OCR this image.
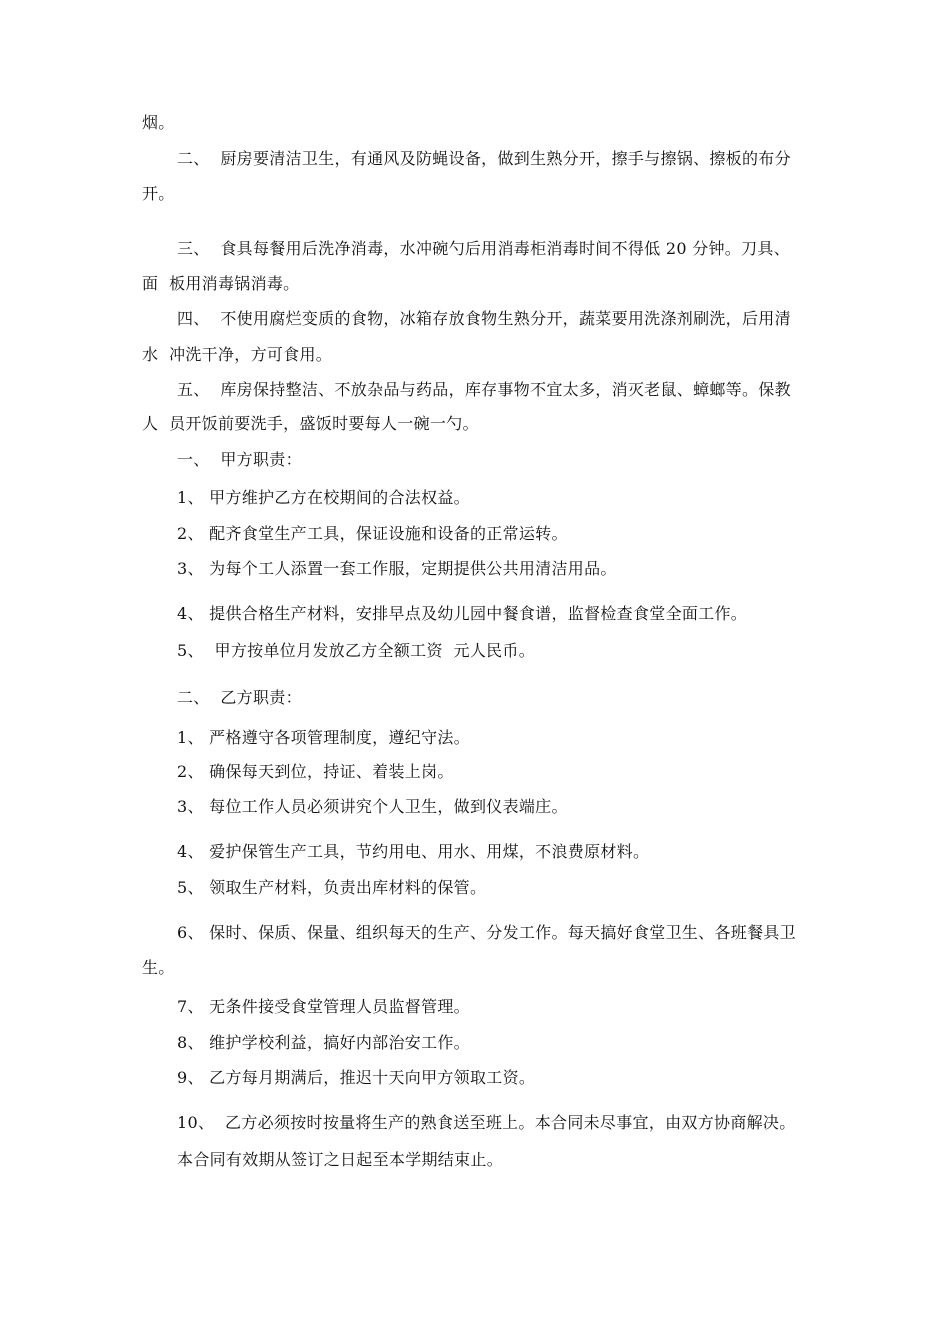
烟。
二、  厨房要清洁卫生，有通风及防蝇设备，做到生熟分开，擦手与擦锅、擦板的布分
开。
三、  食具每餐用后洗净消毒，水冲碗勺后用消毒柜消毒时间不得低 20 分钟。刀具、
面  板用消毒锅消毒。
四、  不使用腐烂变质的食物，冰箱存放食物生熟分开，蔬菜要用洗涤剂刷洗，后用清
水  冲洗干净，方可食用。
五、  库房保持整洁、不放杂品与药品，库存事物不宜太多，消灭老鼠、蟑螂等。保教
人  员开饭前要洗手，盛饭时要每人一碗一勺。
一、  甲方职责：
1、 甲方维护乙方在校期间的合法权益。
2、 配齐食堂生产工具，保证设施和设备的正常运转。
3、 为每个工人添置一套工作服，定期提供公共用清洁用品。
4、 提供合格生产材料，安排早点及幼儿园中餐食谱，监督检查食堂全面工作。
5、  甲方按单位月发放乙方全额工资  元人民币。
二、  乙方职责：
1、 严格遵守各项管理制度，遵纪守法。
2、 确保每天到位，持证、着装上岗。
3、 每位工作人员必须讲究个人卫生，做到仪表端庄。
4、 爱护保管生产工具，节约用电、用水、用煤，不浪费原材料。
5、 领取生产材料，负责出库材料的保管。
6、 保时、保质、保量、组织每天的生产、分发工作。每天搞好食堂卫生、各班餐具卫
生。
7、 无条件接受食堂管理人员监督管理。
8、 维护学校利益，搞好内部治安工作。
9、 乙方每月期满后，推迟十天向甲方领取工资。
10、  乙方必须按时按量将生产的熟食送至班上。本合同未尽事宜，由双方协商解决。
本合同有效期从签订之日起至本学期结束止。
